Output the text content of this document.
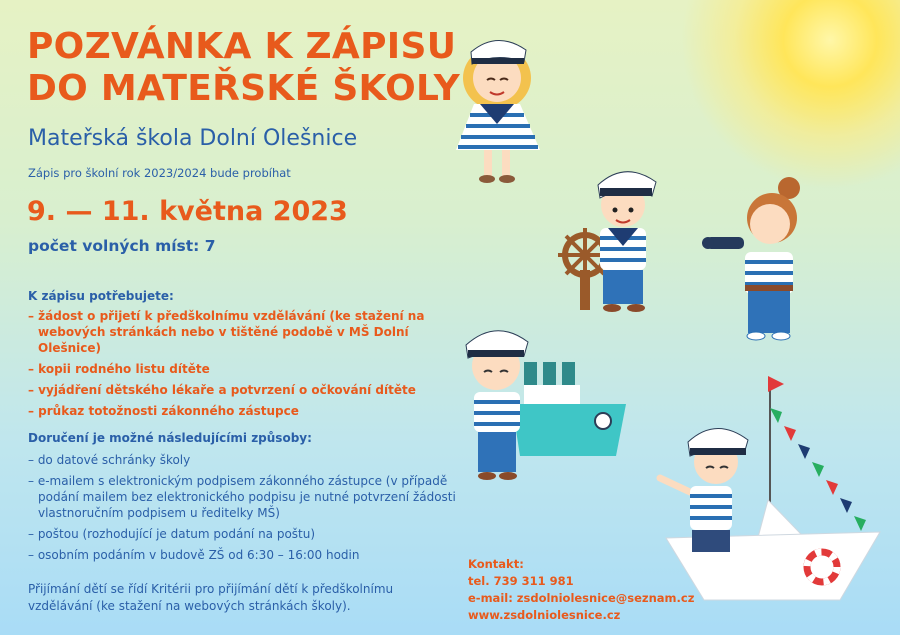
POZVÁNKA K ZÁPISU
DO MATEŘSKÉ ŠKOLY
Mateřská škola Dolní Olešnice
Zápis pro školní rok 2023/2024 bude probíhat
9. — 11. května 2023
počet volných míst: 7
K zápisu potřebujete:
– žádost o přijetí k předškolnímu vzdělávání (ke stažení na webových stránkách nebo v tištěné podobě v MŠ Dolní Olešnice)
– kopii rodného listu dítěte
– vyjádření dětského lékaře a potvrzení o očkování dítěte
– průkaz totožnosti zákonného zástupce
Doručení je možné následujícími způsoby:
– do datové schránky školy
– e-mailem s elektronickým podpisem zákonného zástupce (v případě podání mailem bez elektronického podpisu je nutné potvrzení žádosti vlastnoručním podpisem u ředitelky MŠ)
– poštou (rozhodující je datum podání na poštu)
– osobním podáním v budově ZŠ od 6:30 – 16:00 hodin
Přijímání dětí se řídí Kritérii pro přijímání dětí k předškolnímu vzdělávání (ke stažení na webových stránkách školy).
Kontakt:
tel. 739 311 981
e-mail: zsdolniolesnice@seznam.cz
www.zsdolniolesnice.cz
